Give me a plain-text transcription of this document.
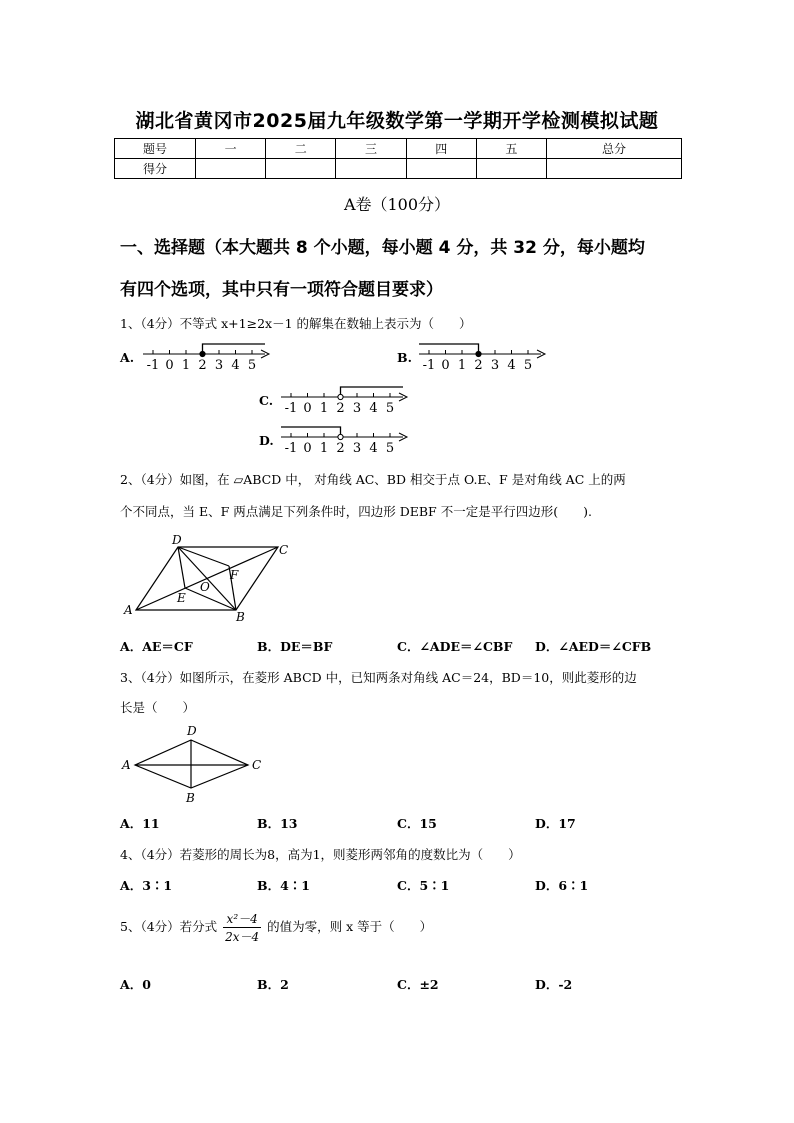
湖北省黄冈市2025届九年级数学第一学期开学检测模拟试题
题号	一	二	三	四	五	总分
得分						
A卷（100分）
一、选择题（本大题共 8 个小题，每小题 4 分，共 32 分，每小题均
有四个选项，其中只有一项符合题目要求）
1、（4分）不等式 x+1≥2x－1 的解集在数轴上表示为（　　）
A.
-1 0 1 2 3 4 5
B.
-1 0 1 2 3 4 5
C.
-1 0 1 2 3 4 5
D.
-1 0 1 2 3 4 5
2、（4分）如图，在 ▱ABCD 中， 对角线 AC、BD 相交于点 O.E、F 是对角线 AC 上的两
个不同点，当 E、F 两点满足下列条件时，四边形 DEBF 不一定是平行四边形(　　).
A	B
C
D
E
F
O
A．AE＝CF	B．DE＝BF	C．∠ADE＝∠CBF D．∠AED＝∠CFB
3、（4分）如图所示，在菱形 ABCD 中，已知两条对角线 AC＝24，BD＝10，则此菱形的边
长是（　　）
A
B
C
D
A．11	B．13	C．15	D．17
4、（4分）若菱形的周长为8，高为1，则菱形两邻角的度数比为（　　）
A．3∶1	B．4∶1	C．5∶1	D．6∶1
5、（4分）若分式 $\frac{\text{x²－4}}{2x-4}$ 的值为零，则 x 等于（　　）
A．0	B．2	C．±2	D．-2
